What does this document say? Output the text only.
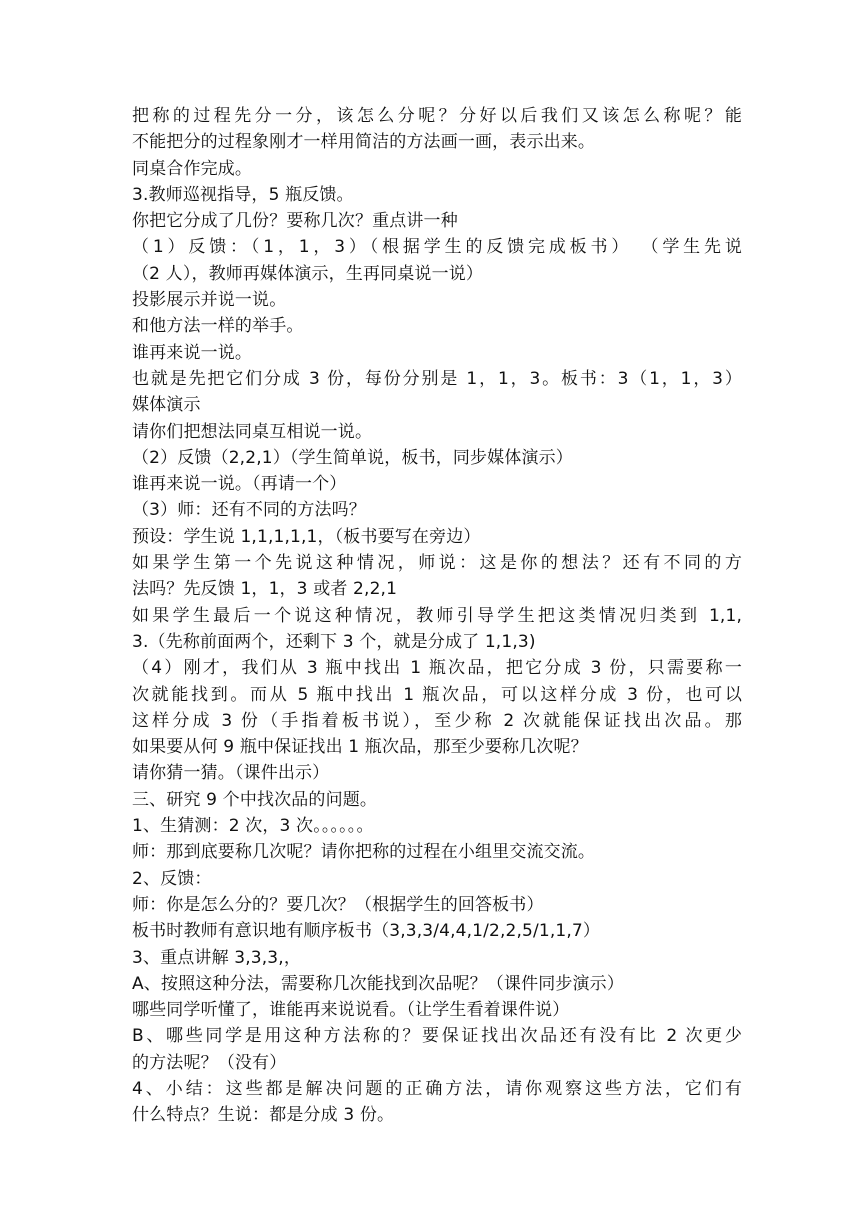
把称的过程先分一分，该怎么分呢？分好以后我们又该怎么称呢？能
不能把分的过程象刚才一样用简洁的方法画一画，表示出来。
同桌合作完成。
3.教师巡视指导，5 瓶反馈。
你把它分成了几份？要称几次？重点讲一种
（1）反馈：（1，1，3）（根据学生的反馈完成板书） （学生先说
（2 人），教师再媒体演示，生再同桌说一说）
投影展示并说一说。
和他方法一样的举手。
谁再来说一说。
也就是先把它们分成 3 份，每份分别是 1，1，3。板书：3（1，1，3）
媒体演示
请你们把想法同桌互相说一说。
（2）反馈（2,2,1）（学生简单说，板书，同步媒体演示）
谁再来说一说。（再请一个）
（3）师：还有不同的方法吗？
预设：学生说 1,1,1,1,1，（板书要写在旁边）
如果学生第一个先说这种情况，师说：这是你的想法？还有不同的方
法吗？先反馈 1，1，3 或者 2,2,1
如果学生最后一个说这种情况，教师引导学生把这类情况归类到 1,1,
3.（先称前面两个，还剩下 3 个，就是分成了 1,1,3)
（4）刚才，我们从 3 瓶中找出 1 瓶次品，把它分成 3 份，只需要称一
次就能找到。而从 5 瓶中找出 1 瓶次品，可以这样分成 3 份，也可以
这样分成 3 份（手指着板书说），至少称 2 次就能保证找出次品。那
如果要从何 9 瓶中保证找出 1 瓶次品，那至少要称几次呢？
请你猜一猜。（课件出示）
三、研究 9 个中找次品的问题。
1、生猜测：2 次，3 次。。。。。。
师：那到底要称几次呢？请你把称的过程在小组里交流交流。
2、反馈：
师：你是怎么分的？要几次？（根据学生的回答板书）
板书时教师有意识地有顺序板书（3,3,3/4,4,1/2,2,5/1,1,7）
3、重点讲解 3,3,3,，
A、按照这种分法，需要称几次能找到次品呢？（课件同步演示）
哪些同学听懂了，谁能再来说说看。（让学生看着课件说）
B、哪些同学是用这种方法称的？要保证找出次品还有没有比 2 次更少
的方法呢？（没有）
4、小结：这些都是解决问题的正确方法，请你观察这些方法，它们有
什么特点？生说：都是分成 3 份。
